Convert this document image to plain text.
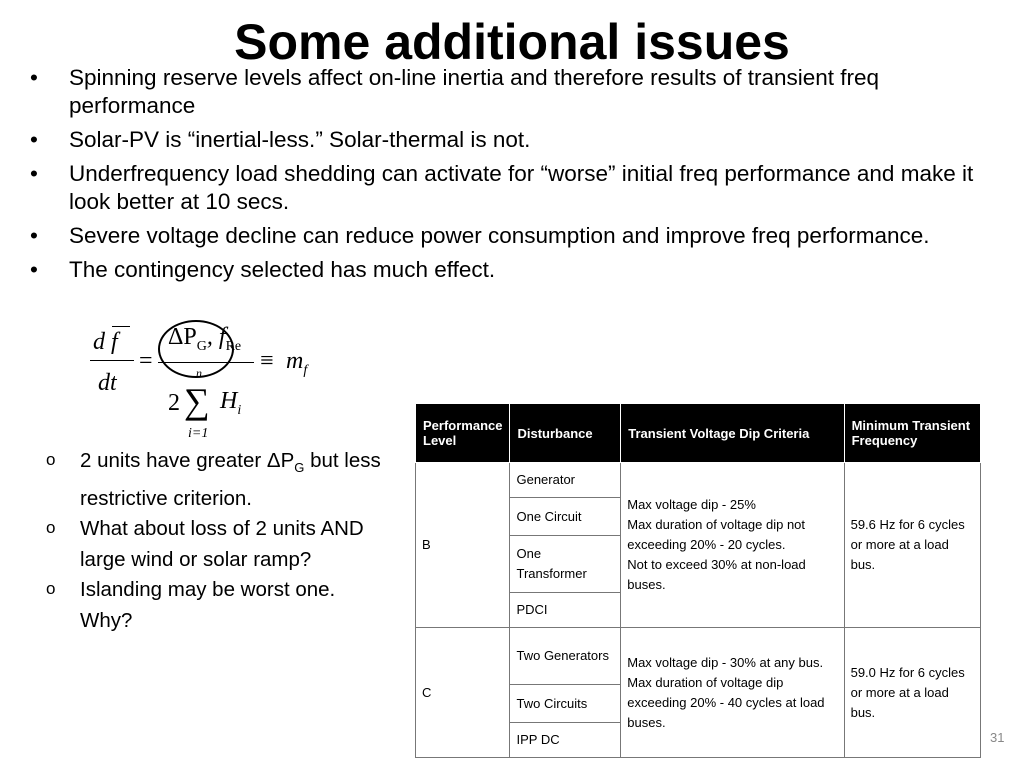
Some additional issues
• Spinning reserve levels affect on-line inertia and therefore results of transient freq performance
• Solar-PV is “inertial-less.” Solar-thermal is not.
• Underfrequency load shedding can activate for “worse” initial freq performance and make it look better at 10 secs.
• Severe voltage decline can reduce power consumption and improve freq performance.
• The contingency selected has much effect.
d f
dt
=
$\Delta P_G$, $f_{Re}$
n
2 ∑ $H_i$
i=1
≡ $m_f$
o 2 units have greater $\Delta P_G$ but less restrictive criterion.
o What about loss of 2 units AND large wind or solar ramp?
o Islanding may be worst one. Why?
Performance Level	Disturbance	Transient Voltage Dip Criteria	Minimum Transient Frequency
B	Generator	Max voltage dip - 25%
Max duration of voltage dip not exceeding 20% - 20 cycles.
Not to exceed 30% at non-load buses.	59.6 Hz for 6 cycles or more at a load bus.
	One Circuit		
	One Transformer		
	PDCI		
C	Two Generators	Max voltage dip - 30% at any bus.
Max duration of voltage dip exceeding 20% - 40 cycles at load buses.	59.0 Hz for 6 cycles or more at a load bus.
	Two Circuits		
	IPP DC			31
